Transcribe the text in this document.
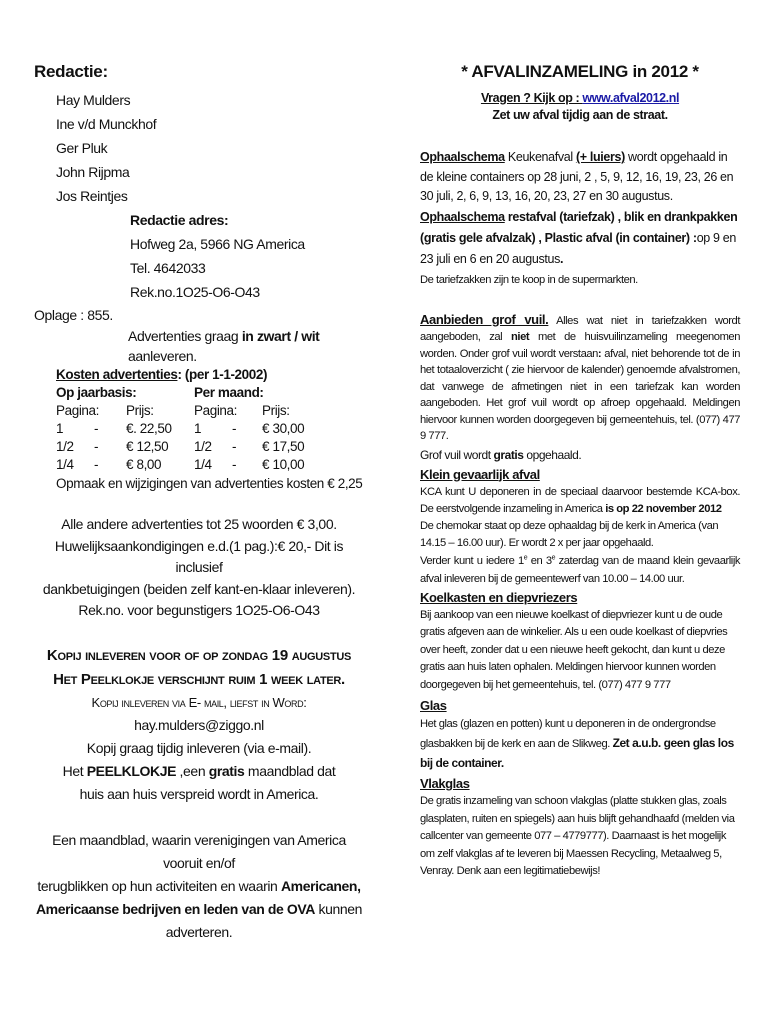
Redactie:
Hay Mulders
Ine v/d Munckhof
Ger Pluk
John Rijpma
Jos Reintjes
Redactie adres:
Hofweg 2a, 5966 NG America
Tel. 4642033
Rek.no.1O25-O6-O43
Oplage : 855.
Advertenties graag in zwart / wit aanleveren.
Kosten advertenties: (per 1-1-2002)
Op jaarbasis:			Per maand:		
Pagina:		Prijs:	Pagina:		Prijs:
1	-	€. 22,50	1	-	€ 30,00
1/2	-	€ 12,50	1/2	-	€ 17,50
1/4	-	€ 8,00	1/4	-	€ 10,00
Opmaak en wijzigingen van advertenties kosten € 2,25
Alle andere advertenties tot 25 woorden € 3,00.
Huwelijksaankondigingen e.d.(1 pag.):€ 20,- Dit is inclusief
dankbetuigingen (beiden zelf kant-en-klaar inleveren).
Rek.no. voor begunstigers 1O25-O6-O43
Kopij inleveren voor of op zondag 19 augustus
Het Peelklokje verschijnt ruim 1 week later.
Kopij inleveren via E- mail, liefst in Word:
hay.mulders@ziggo.nl
Kopij graag tijdig inleveren (via e-mail).
Het PEELKLOKJE ,een gratis maandblad dat
huis aan huis verspreid wordt in America.
Een maandblad, waarin verenigingen van America vooruit en/of
terugblikken op hun activiteiten en waarin Americanen,
Americaanse bedrijven en leden van de OVA kunnen
adverteren.
* AFVALINZAMELING in 2012 *
Vragen ? Kijk op : www.afval2012.nl
Zet uw afval tijdig aan de straat.
Ophaalschema Keukenafval (+ luiers) wordt opgehaald in de kleine containers op 28 juni, 2 , 5, 9, 12, 16, 19, 23, 26 en 30 juli, 2, 6, 9, 13, 16, 20, 23, 27 en 30 augustus.
Ophaalschema restafval (tariefzak) , blik en drankpakken (gratis gele afvalzak) , Plastic afval (in container) :op 9 en 23 juli en 6 en 20 augustus.
De tariefzakken zijn te koop in de supermarkten.
Aanbieden grof vuil. Alles wat niet in tariefzakken wordt aangeboden, zal niet met de huisvuilinzameling meegenomen worden. Onder grof vuil wordt verstaan: afval, niet behorende tot de in het totaaloverzicht ( zie hiervoor de kalender) genoemde afvalstromen, dat vanwege de afmetingen niet in een tariefzak kan worden aangeboden. Het grof vuil wordt op afroep opgehaald. Meldingen hiervoor kunnen worden doorgegeven bij gemeentehuis, tel. (077) 477 9 777.
Grof vuil wordt gratis opgehaald.
Klein gevaarlijk afval
KCA kunt U deponeren in de speciaal daarvoor bestemde KCA-box. De eerstvolgende inzameling in America is op 22 november 2012
De chemokar staat op deze ophaaldag bij de kerk in America (van 14.15 – 16.00 uur). Er wordt 2 x per jaar opgehaald.
Verder kunt u iedere 1e en 3e zaterdag van de maand klein gevaarlijk afval inleveren bij de gemeentewerf van 10.00 – 14.00 uur.
Koelkasten en diepvriezers
Bij aankoop van een nieuwe koelkast of diepvriezer kunt u de oude gratis afgeven aan de winkelier. Als u een oude koelkast of diepvries over heeft, zonder dat u een nieuwe heeft gekocht, dan kunt u deze gratis aan huis laten ophalen. Meldingen hiervoor kunnen worden doorgegeven bij het gemeentehuis, tel. (077) 477 9 777
Glas
Het glas (glazen en potten) kunt u deponeren in de ondergrondse glasbakken bij de kerk en aan de Slikweg. Zet a.u.b. geen glas los bij de container.
Vlakglas
De gratis inzameling van schoon vlakglas (platte stukken glas, zoals glasplaten, ruiten en spiegels) aan huis blijft gehandhaafd (melden via callcenter van gemeente 077 – 4779777). Daarnaast is het mogelijk om zelf vlakglas af te leveren bij Maessen Recycling, Metaalweg 5, Venray. Denk aan een legitimatiebewijs!
